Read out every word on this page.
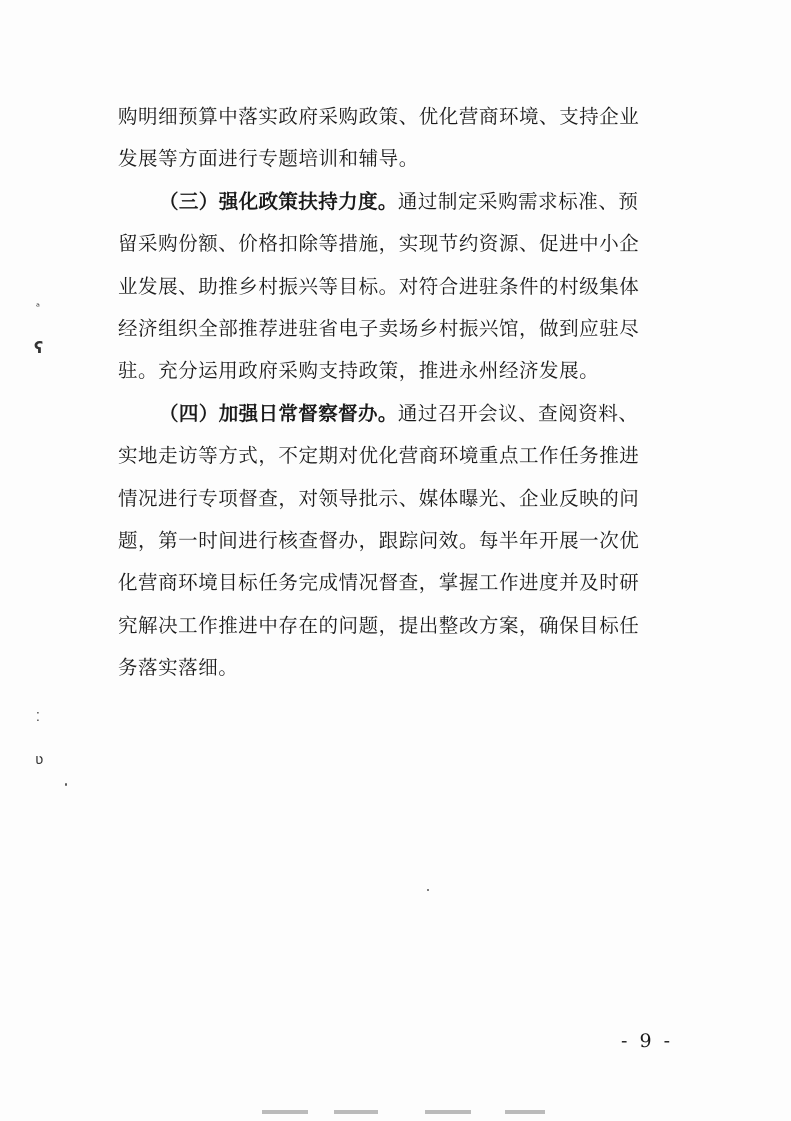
购明细预算中落实政府采购政策、优化营商环境、支持企业
发展等方面进行专题培训和辅导。
（三）强化政策扶持力度。通过制定采购需求标准、预
留采购份额、价格扣除等措施，实现节约资源、促进中小企
业发展、助推乡村振兴等目标。对符合进驻条件的村级集体
经济组织全部推荐进驻省电子卖场乡村振兴馆，做到应驻尽
驻。充分运用政府采购支持政策，推进永州经济发展。
（四）加强日常督察督办。通过召开会议、查阅资料、
实地走访等方式，不定期对优化营商环境重点工作任务推进
情况进行专项督查，对领导批示、媒体曝光、企业反映的问
题，第一时间进行核查督办，跟踪问效。每半年开展一次优
化营商环境目标任务完成情况督查，掌握工作进度并及时研
究解决工作推进中存在的问题，提出整改方案，确保目标任
务落实落细。
- 9 -
ᵃ
ʕ
⁚
ʋ
